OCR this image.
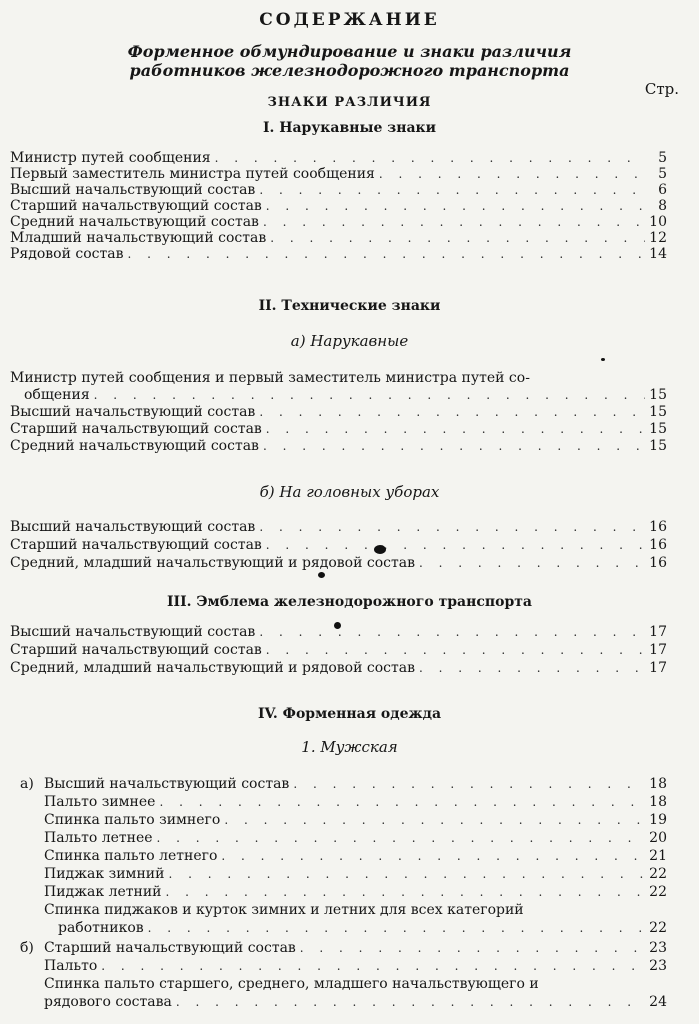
СОДЕРЖАНИЕ
Форменное обмундирование и знаки различия
работников железнодорожного транспорта
Стр.
ЗНАКИ РАЗЛИЧИЯ
I. Нарукавные знаки
Министр путей сообщения . . .	5
Первый заместитель министра путей сообщения . . .	5
Высший начальствующий состав . . .	6
Старший начальствующий состав . . .	8
Средний начальствующий состав . . .	10
Младший начальствующий состав . . .	12
Рядовой состав . . .	14
II. Технические знаки
а) Нарукавные
Министр путей сообщения и первый заместитель министра путей со-
общения . . .	15
Высший начальствующий состав . . .	15
Старший начальствующий состав . . .	15
Средний начальствующий состав . . .	15
б) На головных уборах
Высший начальствующий состав . . .	16
Старший начальствующий состав . . .	16
Средний, младший начальствующий и рядовой состав . . .	16
III. Эмблема железнодорожного транспорта
Высший начальствующий состав . . .	17
Старший начальствующий состав . . .	17
Средний, младший начальствующий и рядовой состав . . .	17
IV. Форменная одежда
1. Мужская
а) Высший начальствующий состав . . .	18
Пальто зимнее . . .	18
Спинка пальто зимнего . . .	19
Пальто летнее . . .	20
Спинка пальто летнего . . .	21
Пиджак зимний . . .	22
Пиджак летний . . .	22
Спинка пиджаков и курток зимних и летних для всех категорий
работников . . .	22
б) Старший начальствующий состав . . .	23
Пальто . . .	23
Спинка пальто старшего, среднего, младшего начальствующего и
рядового состава . . .	24
